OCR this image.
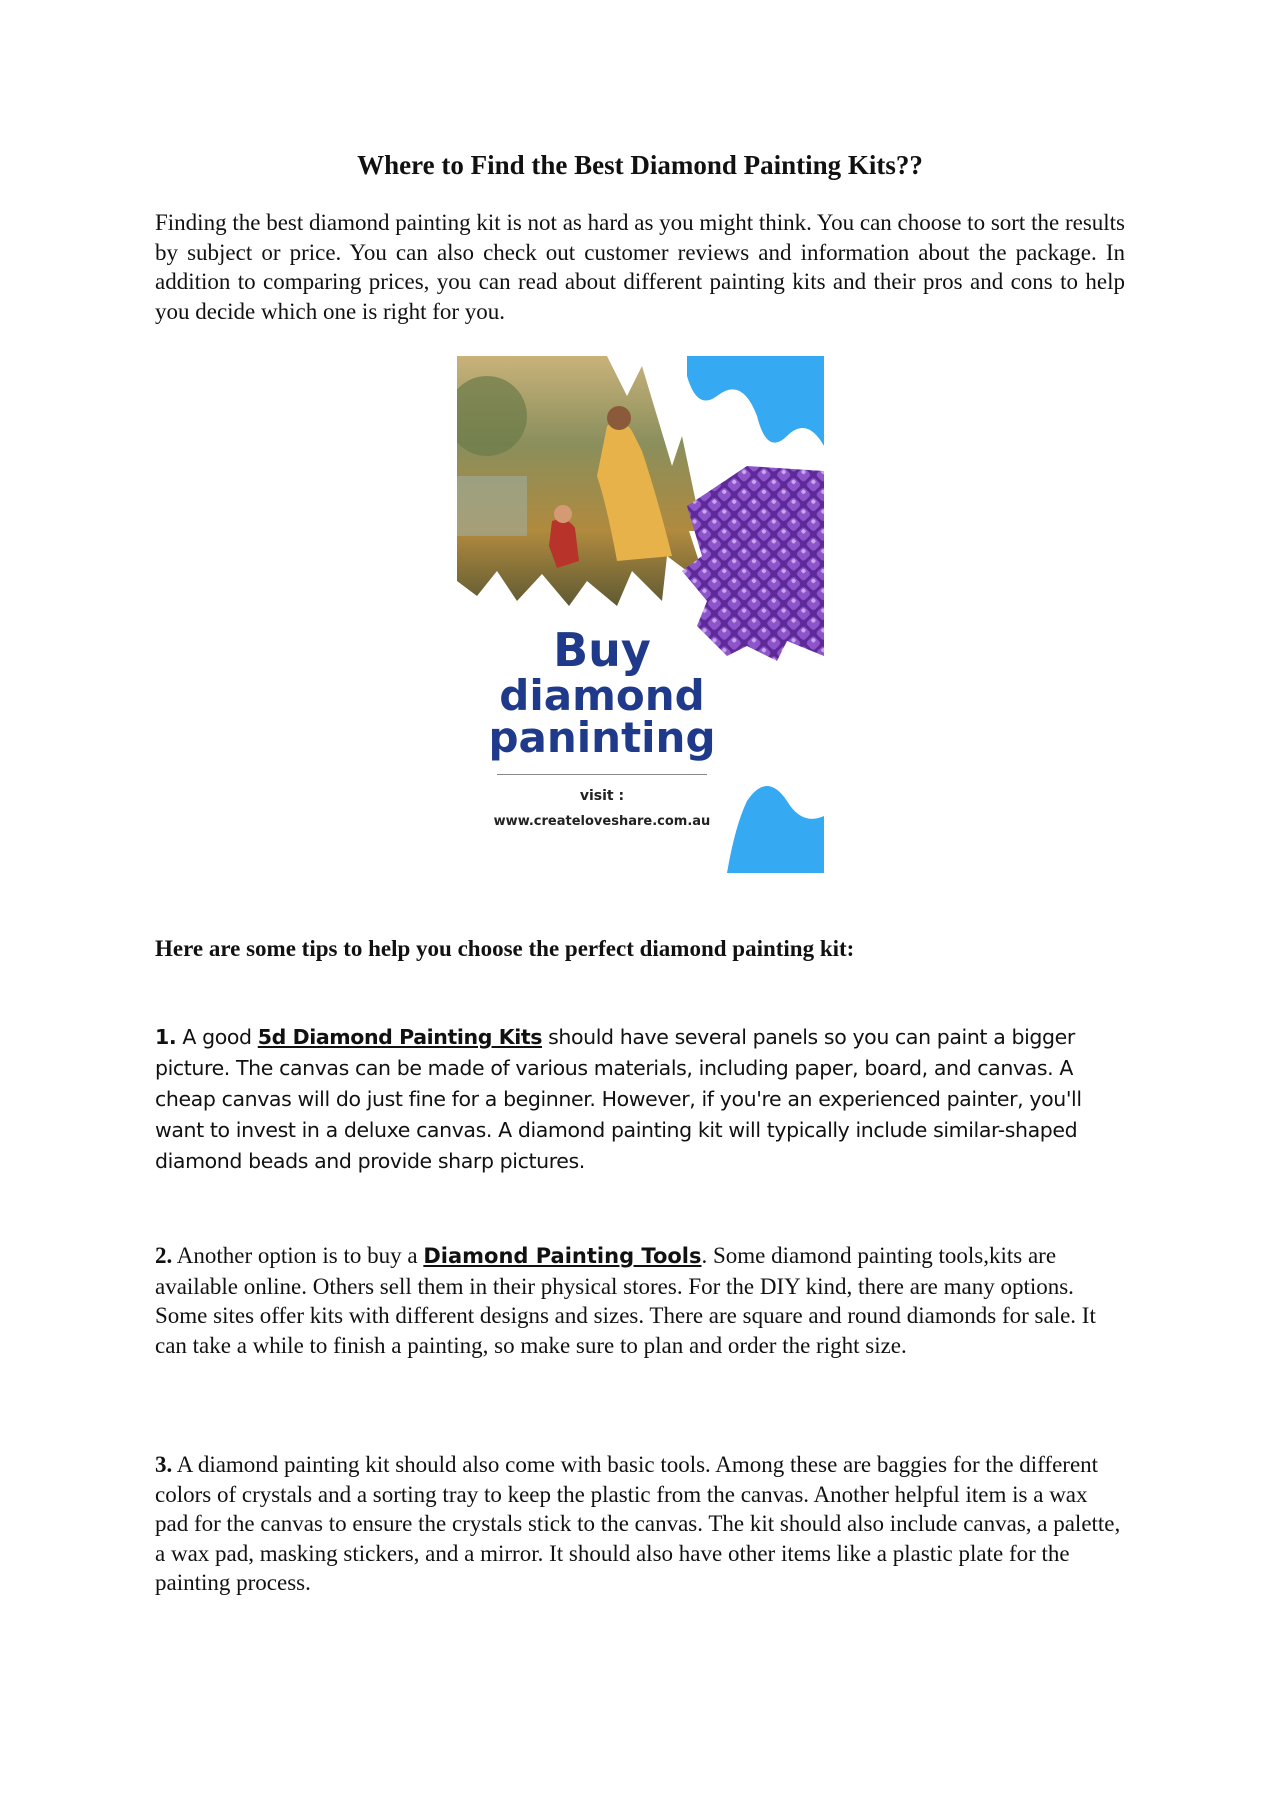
Where to Find the Best Diamond Painting Kits??

Finding the best diamond painting kit is not as hard as you might think. You can choose to sort the results by subject or price. You can also check out customer reviews and information about the package. In addition to comparing prices, you can read about different painting kits and their pros and cons to help you decide which one is right for you.

Buy
diamond
paninting
visit :
www.createloveshare.com.au
Here are some tips to help you choose the perfect diamond painting kit:

1. A good 5d Diamond Painting Kits should have several panels so you can paint a bigger picture. The canvas can be made of various materials, including paper, board, and canvas. A cheap canvas will do just fine for a beginner. However, if you're an experienced painter, you'll want to invest in a deluxe canvas. A diamond painting kit will typically include similar-shaped diamond beads and provide sharp pictures.

2. Another option is to buy a Diamond Painting Tools. Some diamond painting tools,kits are available online. Others sell them in their physical stores. For the DIY kind, there are many options. Some sites offer kits with different designs and sizes. There are square and round diamonds for sale. It can take a while to finish a painting, so make sure to plan and order the right size.

3. A diamond painting kit should also come with basic tools. Among these are baggies for the different colors of crystals and a sorting tray to keep the plastic from the canvas. Another helpful item is a wax pad for the canvas to ensure the crystals stick to the canvas. The kit should also include canvas, a palette, a wax pad, masking stickers, and a mirror. It should also have other items like a plastic plate for the painting process.
